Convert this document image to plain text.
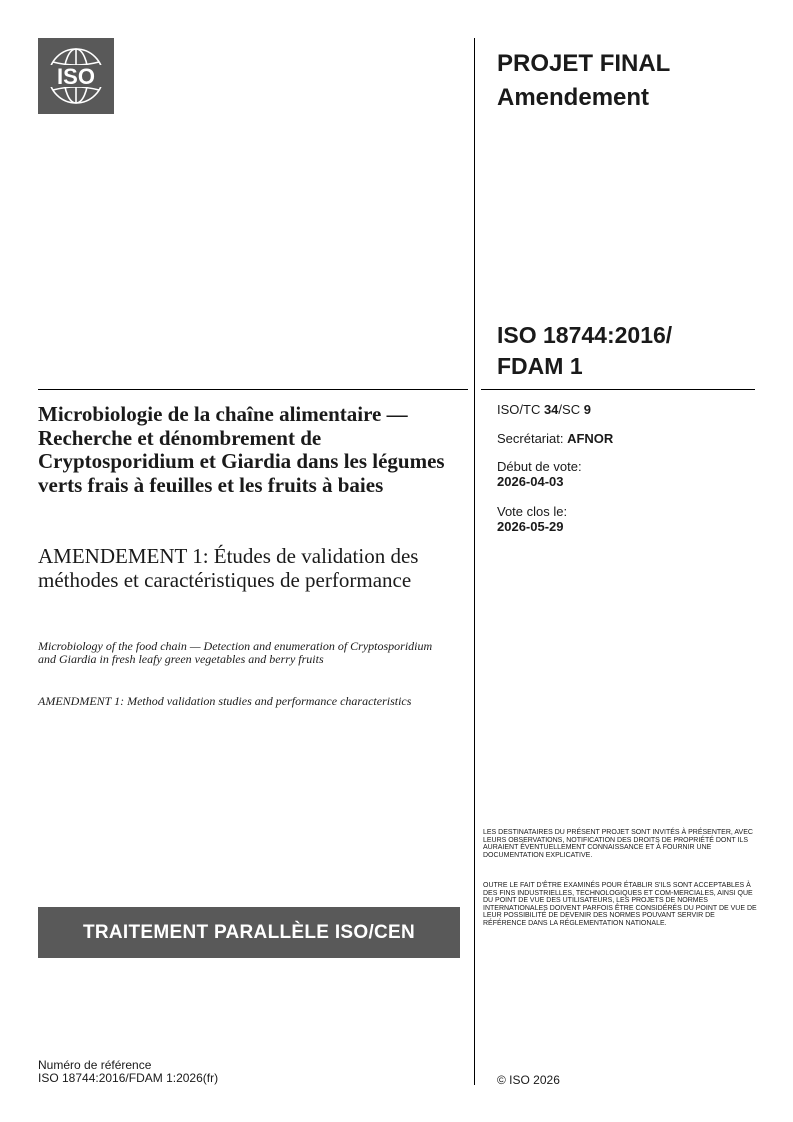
ISO	PROJET FINAL
Amendement
ISO 18744:2016/
FDAM 1
ISO/TC 34/SC 9
Secrétariat: AFNOR
Début de vote:
2026-04-03
Vote clos le:
2026-05-29
Microbiologie de la chaîne alimentaire — Recherche et dénombrement de Cryptosporidium et Giardia dans les légumes verts frais à feuilles et les fruits à baies
AMENDEMENT 1: Études de validation des méthodes et caractéristiques de performance
Microbiology of the food chain — Detection and enumeration of Cryptosporidium and Giardia in fresh leafy green vegetables and berry fruits
AMENDMENT 1: Method validation studies and performance characteristics
LES DESTINATAIRES DU PRÉSENT PROJET SONT INVITÉS À PRÉSENTER, AVEC LEURS OBSERVATIONS, NOTIFICATION DES DROITS DE PROPRIÉTÉ DONT ILS AURAIENT ÉVENTUELLEMENT CONNAISSANCE ET À FOURNIR UNE DOCUMENTATION EXPLICATIVE.
OUTRE LE FAIT D'ÊTRE EXAMINÉS POUR ÉTABLIR S'ILS SONT ACCEPTABLES À DES FINS INDUSTRIELLES, TECHNOLOGIQUES ET COM-MERCIALES, AINSI QUE DU POINT DE VUE DES UTILISATEURS, LES PROJETS DE NORMES INTERNATIONALES DOIVENT PARFOIS ÊTRE CONSIDÉRÉS DU POINT DE VUE DE LEUR POSSIBILITÉ DE DEVENIR DES NORMES POUVANT SERVIR DE RÉFÉRENCE DANS LA RÉGLEMENTATION NATIONALE.
TRAITEMENT PARALLÈLE ISO/CEN
Numéro de référence
ISO 18744:2016/FDAM 1:2026(fr)	© ISO 2026
